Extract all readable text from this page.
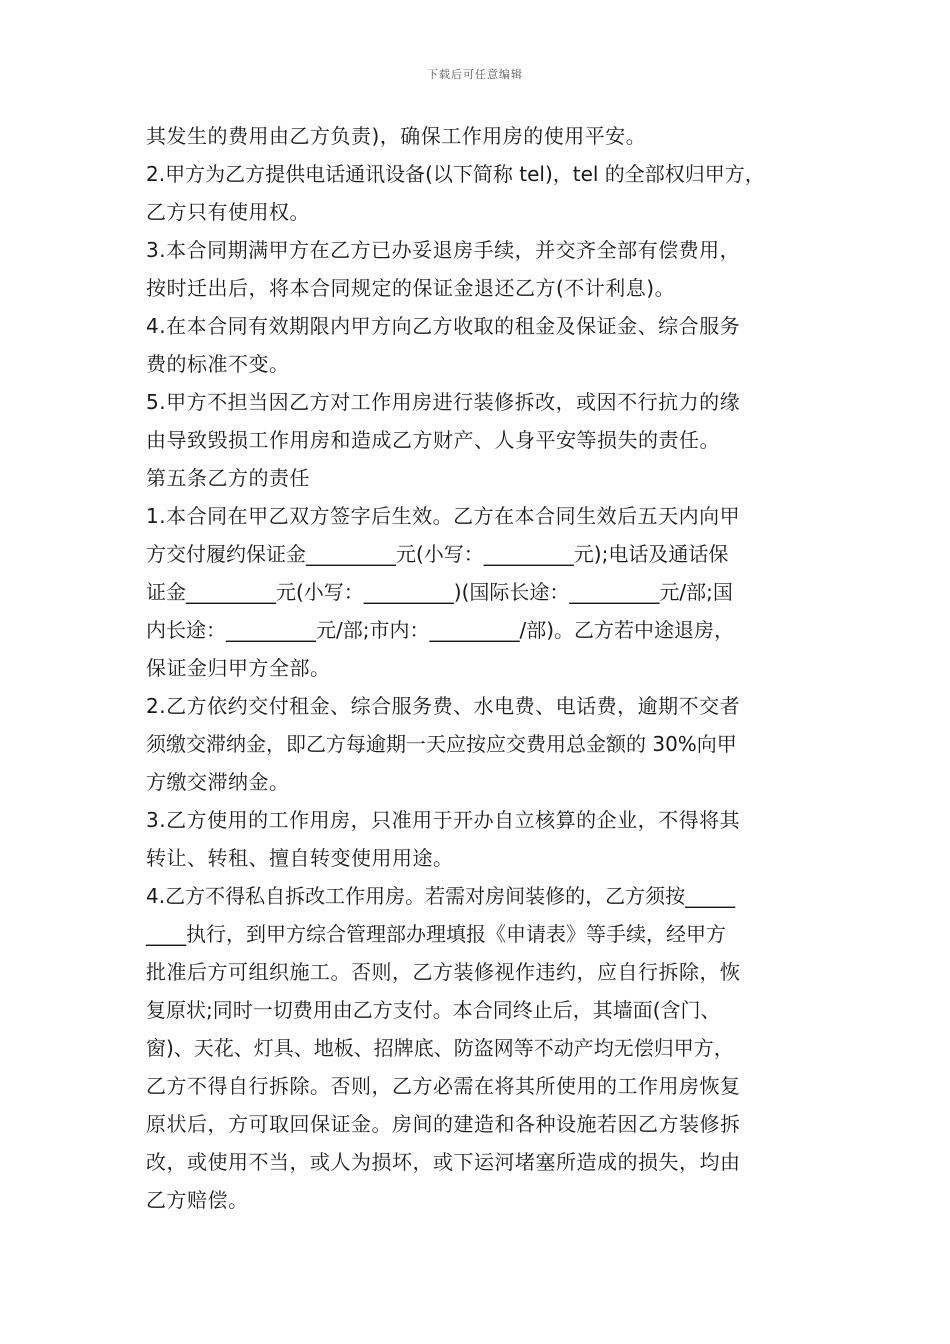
下载后可任意编辑
其发生的费用由乙方负责)，确保工作用房的使用平安。
2.甲方为乙方提供电话通讯设备(以下简称 tel)，tel 的全部权归甲方，
乙方只有使用权。
3.本合同期满甲方在乙方已办妥退房手续，并交齐全部有偿费用，
按时迁出后，将本合同规定的保证金退还乙方(不计利息)。
4.在本合同有效期限内甲方向乙方收取的租金及保证金、综合服务
费的标准不变。
5.甲方不担当因乙方对工作用房进行装修拆改，或因不行抗力的缘
由导致毁损工作用房和造成乙方财产、人身平安等损失的责任。
第五条乙方的责任
1.本合同在甲乙双方签字后生效。乙方在本合同生效后五天内向甲
方交付履约保证金_________元(小写：_________元);电话及通话保
证金_________元(小写：_________)(国际长途：_________元/部;国
内长途：_________元/部;市内：_________/部)。乙方若中途退房，
保证金归甲方全部。
2.乙方依约交付租金、综合服务费、水电费、电话费，逾期不交者
须缴交滞纳金，即乙方每逾期一天应按应交费用总金额的 30%向甲
方缴交滞纳金。
3.乙方使用的工作用房，只准用于开办自立核算的企业，不得将其
转让、转租、擅自转变使用用途。
4.乙方不得私自拆改工作用房。若需对房间装修的，乙方须按_____
____执行，到甲方综合管理部办理填报《申请表》等手续，经甲方
批准后方可组织施工。否则，乙方装修视作违约，应自行拆除，恢
复原状;同时一切费用由乙方支付。本合同终止后，其墙面(含门、
窗)、天花、灯具、地板、招牌底、防盗网等不动产均无偿归甲方，
乙方不得自行拆除。否则，乙方必需在将其所使用的工作用房恢复
原状后，方可取回保证金。房间的建造和各种设施若因乙方装修拆
改，或使用不当，或人为损坏，或下运河堵塞所造成的损失，均由
乙方赔偿。
